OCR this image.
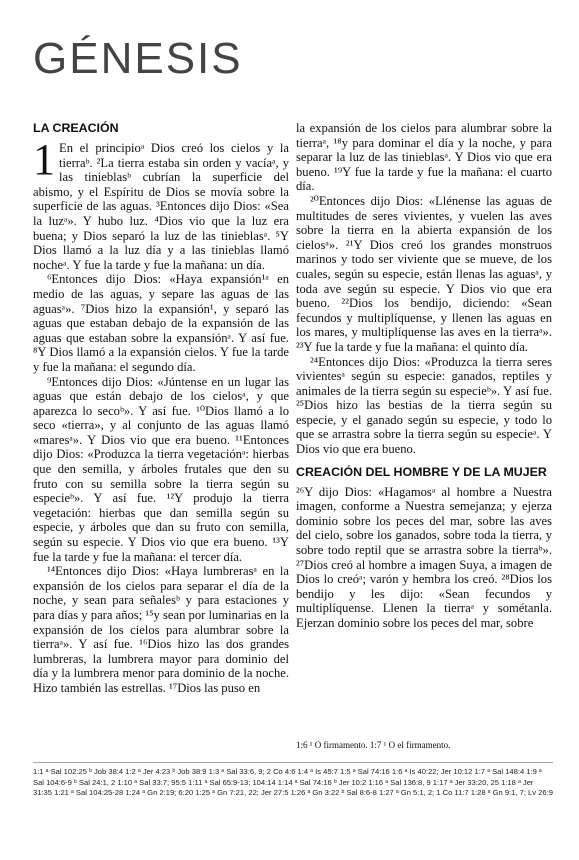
GÉNESIS
LA CREACIÓN

1 En el principioᵃ Dios creó los cielos y la tierraᵇ. ²La tierra estaba sin orden y vacíaᵃ, y las tinieblasᵇ cubrían la superficie del abismo, y el Espíritu de Dios se movía sobre la superficie de las aguas. ³Entonces dijo Dios: «Sea la luzᵃ». Y hubo luz. ⁴Dios vio que la luz era buena; y Dios separó la luz de las tinieblasᵃ. ⁵Y Dios llamó a la luz día y a las tinieblas llamó nocheᵃ. Y fue la tarde y fue la mañana: un día.

⁶Entonces dijo Dios: «Haya expansión¹ᵃ en medio de las aguas, y separe las aguas de las aguasᵃ». ⁷Dios hizo la expansión¹, y separó las aguas que estaban debajo de la expansión de las aguas que estaban sobre la expansiónᵃ. Y así fue. ⁸Y Dios llamó a la expansión cielos. Y fue la tarde y fue la mañana: el segundo día.

⁹Entonces dijo Dios: «Júntense en un lugar las aguas que están debajo de los cielosᵃ, y que aparezca lo secoᵇ». Y así fue. ¹⁰Dios llamó a lo seco «tierra», y al conjunto de las aguas llamó «maresᵃ». Y Dios vio que era bueno. ¹¹Entonces dijo Dios: «Produzca la tierra vegetaciónᵃ: hierbas que den semilla, y árboles frutales que den su fruto con su semilla sobre la tierra según su especieᵇ». Y así fue. ¹²Y produjo la tierra vegetación: hierbas que dan semilla según su especie, y árboles que dan su fruto con semilla, según su especie. Y Dios vio que era bueno. ¹³Y fue la tarde y fue la mañana: el tercer día.

¹⁴Entonces dijo Dios: «Haya lumbrerasᵃ en la expansión de los cielos para separar el día de la noche, y sean para señalesᵇ y para estaciones y para días y para años; ¹⁵y sean por luminarias en la expansión de los cielos para alumbrar sobre la tierraᵃ». Y así fue. ¹⁶Dios hizo las dos grandes lumbreras, la lumbrera mayor para dominio del día y la lumbrera menor para dominio de la noche. Hizo también las estrellas. ¹⁷Dios las puso en

la expansión de los cielos para alumbrar sobre la tierraᵃ, ¹⁸y para dominar el día y la noche, y para separar la luz de las tinieblasᵃ. Y Dios vio que era bueno. ¹⁹Y fue la tarde y fue la mañana: el cuarto día.

²⁰Entonces dijo Dios: «Llénense las aguas de multitudes de seres vivientes, y vuelen las aves sobre la tierra en la abierta expansión de los cielosᵃ». ²¹Y Dios creó los grandes monstruos marinos y todo ser viviente que se mueve, de los cuales, según su especie, están llenas las aguasᵃ, y toda ave según su especie. Y Dios vio que era bueno. ²²Dios los bendijo, diciendo: «Sean fecundos y multiplíquense, y llenen las aguas en los mares, y multiplíquense las aves en la tierraᵃ». ²³Y fue la tarde y fue la mañana: el quinto día.

²⁴Entonces dijo Dios: «Produzca la tierra seres vivientesᵃ según su especie: ganados, reptiles y animales de la tierra según su especieᵇ». Y así fue. ²⁵Dios hizo las bestias de la tierra según su especie, y el ganado según su especie, y todo lo que se arrastra sobre la tierra según su especieᵃ. Y Dios vio que era bueno.

CREACIÓN DEL HOMBRE Y DE LA MUJER

²⁶Y dijo Dios: «Hagamosᵃ al hombre a Nuestra imagen, conforme a Nuestra semejanza; y ejerza dominio sobre los peces del mar, sobre las aves del cielo, sobre los ganados, sobre toda la tierra, y sobre todo reptil que se arrastra sobre la tierraᵇ». ²⁷Dios creó al hombre a imagen Suya, a imagen de Dios lo creóᵃ; varón y hembra los creó. ²⁸Dios los bendijo y les dijo: «Sean fecundos y multiplíquense. Llenen la tierraᵃ y sométanla. Ejerzan dominio sobre los peces del mar, sobre

1:6 ¹ O firmamento. 1:7 ¹ O el firmamento.
1:1 ᵃ Sal 102:25 ᵇ Job 38:4 1:2 ᵃ Jer 4:23 ᵇ Job 38:9 1:3 ᵃ Sal 33:6, 9; 2 Co 4:6 1:4 ᵃ Is 45:7 1:5 ᵃ Sal 74:16 1:6 ᵃ Is 40:22; Jer 10:12 1:7 ᵃ Sal 148:4 1:9 ᵃ Sal 104:6-9 ᵇ Sal 24:1, 2 1:10 ᵃ Sal 33:7; 95:5 1:11 ᵃ Sal 65:9-13; 104:14 1:14 ᵃ Sal 74:16 ᵇ Jer 10:2 1:16 ᵃ Sal 136:8, 9 1:17 ᵃ Jer 33:20, 25 1:18 ᵃ Jer 31:35 1:21 ᵃ Sal 104:25-28 1:24 ᵃ Gn 2:19; 6:20 1:25 ᵃ Gn 7:21, 22; Jer 27:5 1:26 ᵃ Gn 3:22 ᵇ Sal 8:6-8 1:27 ᵃ Gn 5:1, 2; 1 Co 11:7 1:28 ᵃ Gn 9:1, 7; Lv 26:9
